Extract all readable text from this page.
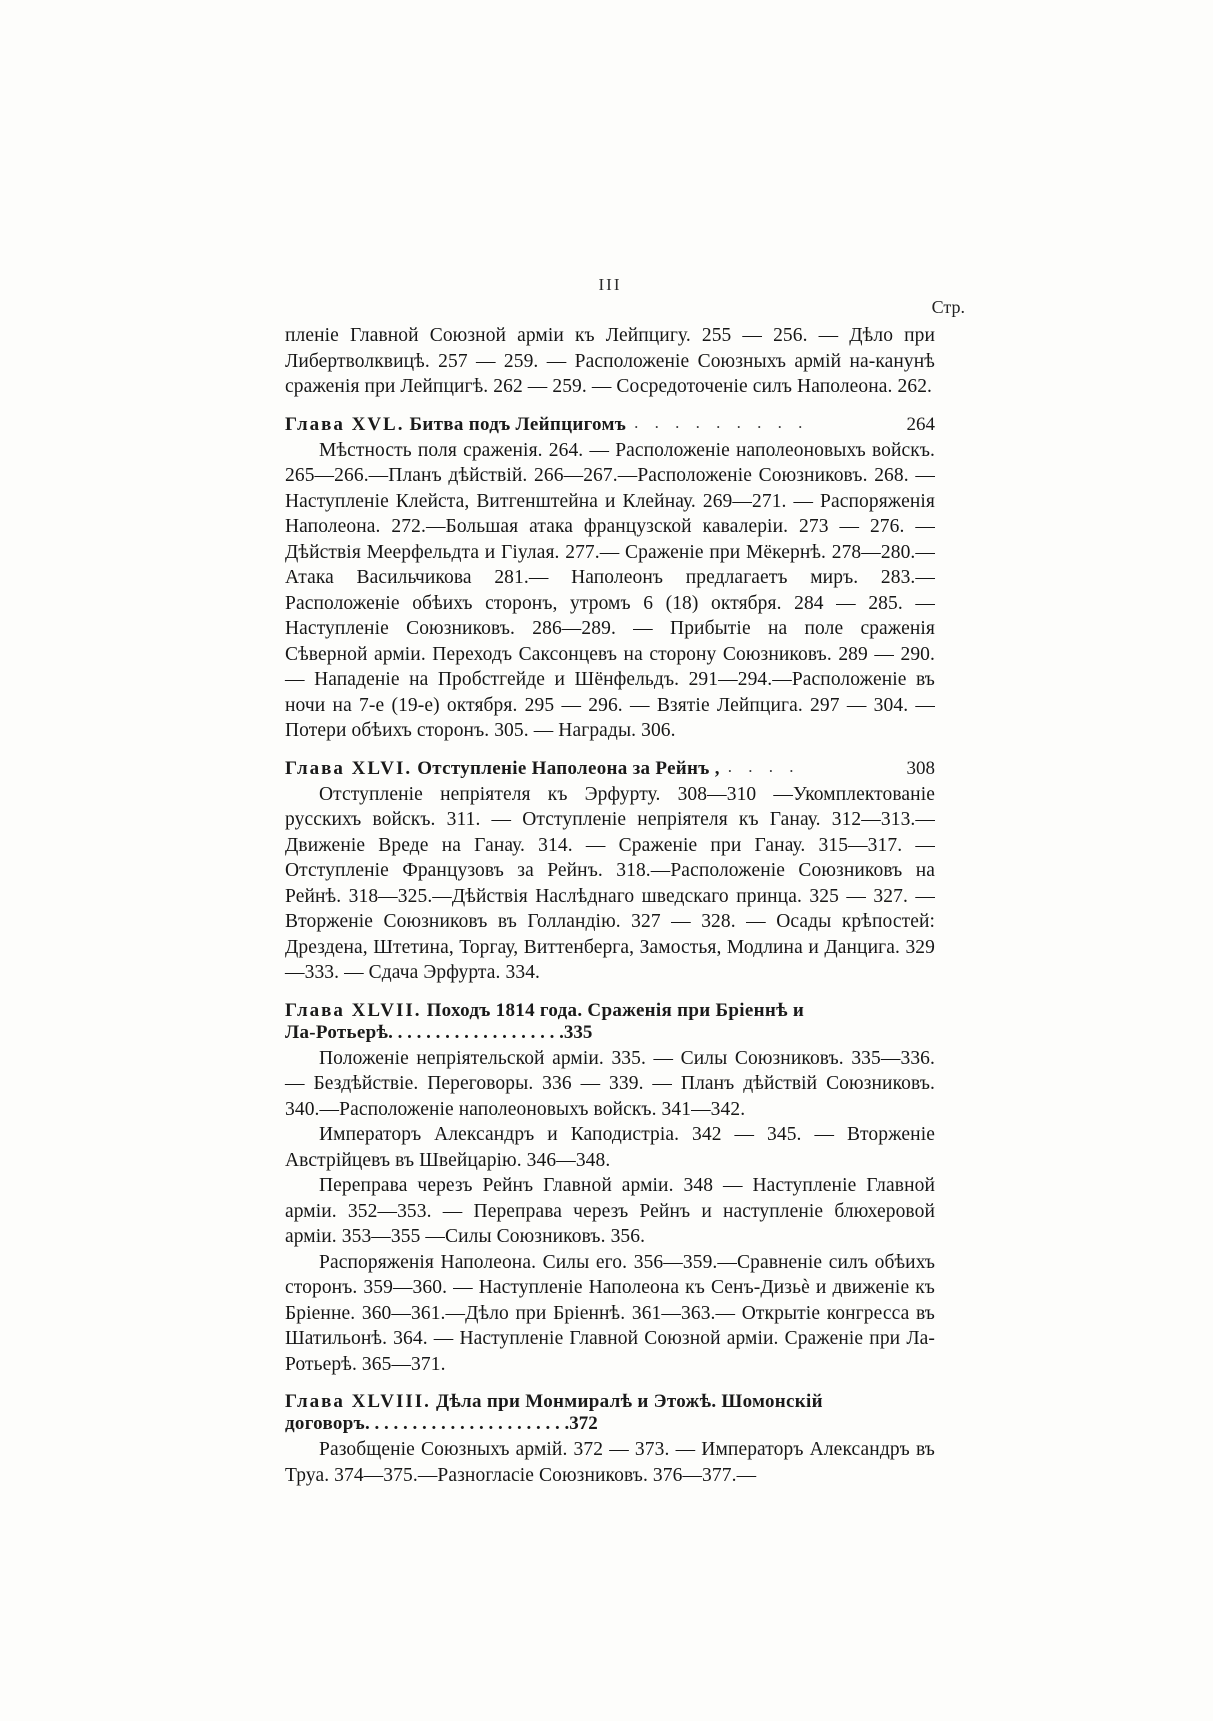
III
Стр.

пленіе Главной Союзной арміи къ Лейпцигу. 255 — 256. — Дѣло при Либертволквицѣ. 257 — 259. — Расположеніе Союзныхъ армій на-канунѣ сраженія при Лейпцигѣ. 262 — 259. — Сосредоточеніе силъ Наполеона. 262.

Глава XVL. Битва подъ Лейпцигомъ . . . . . . . . .	264

Мѣстность поля сраженія. 264. — Расположеніе наполеоновыхъ войскъ. 265—266.—Планъ дѣйствій. 266—267.—Расположеніе Союзниковъ. 268. — Наступленіе Клейста, Витгенштейна и Клейнау. 269—271. — Распоряженія Наполеона. 272.—Большая атака французской кавалеріи. 273 — 276. — Дѣйствія Меерфельдта и Гіулая. 277.— Сраженіе при Мёкернѣ. 278—280.—Атака Васильчикова 281.— Наполеонъ предлагаетъ миръ. 283.—Расположеніе обѣихъ сторонъ, утромъ 6 (18) октября. 284 — 285. — Наступленіе Союзниковъ. 286—289. — Прибытіе на поле сраженія Сѣверной арміи. Переходъ Саксонцевъ на сторону Союзниковъ. 289 — 290. — Нападеніе на Пробстгейде и Шёнфельдъ. 291—294.—Расположеніе въ ночи на 7-е (19-е) октября. 295 — 296. — Взятіе Лейпцига. 297 — 304. — Потери обѣихъ сторонъ. 305. — Награды. 306.

Глава XLVI. Отступленіе Наполеона за Рейнъ , . . . .	308

Отступленіе непріятеля къ Эрфурту. 308—310 —Укомплектованіе русскихъ войскъ. 311. — Отступленіе непріятеля къ Ганау. 312—313.—Движеніе Вреде на Ганау. 314. — Сраженіе при Ганау. 315—317. — Отступленіе Французовъ за Рейнъ. 318.—Расположеніе Союзниковъ на Рейнѣ. 318—325.—Дѣйствія Наслѣднаго шведскаго принца. 325 — 327. — Вторженіе Союзниковъ въ Голландію. 327 — 328. — Осады крѣпостей: Дрездена, Штетина, Торгау, Виттенберга, Замостья, Модлина и Данцига. 329—333. — Сдача Эрфурта. 334.

Глава XLVII. Походъ 1814 года. Сраженія при Бріеннѣ и
Ла-Ротьерѣ . . . . . . . . . . . . . . . . . . . 335

Положеніе непріятельской арміи. 335. — Силы Союзниковъ. 335—336. — Бездѣйствіе. Переговоры. 336 — 339. — Планъ дѣйствій Союзниковъ. 340.—Расположеніе наполеоновыхъ войскъ. 341—342.

Императоръ Александръ и Каподистріа. 342 — 345. — Вторженіе Австрійцевъ въ Швейцарію. 346—348.

Переправа черезъ Рейнъ Главной арміи. 348 — Наступленіе Главной арміи. 352—353. — Переправа черезъ Рейнъ и наступленіе блюхеровой арміи. 353—355 —Силы Союзниковъ. 356.

Распоряженія Наполеона. Силы его. 356—359.—Сравненіе силъ обѣихъ сторонъ. 359—360. — Наступленіе Наполеона къ Сенъ-Дизьè и движеніе къ Бріенне. 360—361.—Дѣло при Бріеннѣ. 361—363.— Открытіе конгресса въ Шатильонѣ. 364. — Наступленіе Главной Союзной арміи. Сраженіе при Ла-Ротьерѣ. 365—371.

Глава XLVIII. Дѣла при Монмиралѣ и Этожѣ. Шомонскій
договоръ . . . . . . . . . . . . . . . . . . . . . . 372

Разобщеніе Союзныхъ армій. 372 — 373. — Императоръ Александръ въ Труа. 374—375.—Разногласіе Союзниковъ. 376—377.—
